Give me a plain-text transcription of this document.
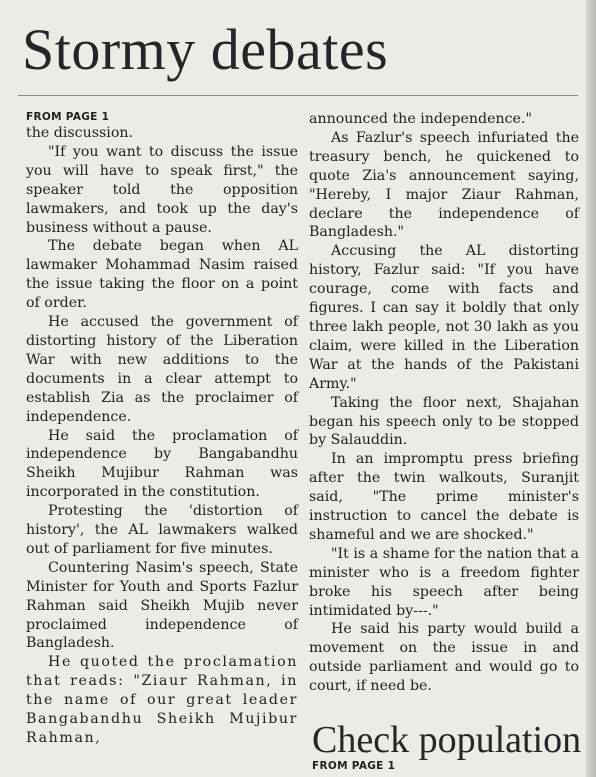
Stormy debates
FROM PAGE 1

the discussion.

"If you want to discuss the issue you will have to speak first," the speaker told the opposition lawmakers, and took up the day's business without a pause.

The debate began when AL lawmaker Mohammad Nasim raised the issue taking the floor on a point of order.

He accused the government of distorting history of the Liberation War with new additions to the documents in a clear attempt to establish Zia as the proclaimer of independence.

He said the proclamation of independence by Bangabandhu Sheikh Mujibur Rahman was incorporated in the constitution.

Protesting the 'distortion of history', the AL lawmakers walked out of parliament for five minutes.

Countering Nasim's speech, State Minister for Youth and Sports Fazlur Rahman said Sheikh Mujib never proclaimed independence of Bangladesh.

He quoted the proclamation that reads: "Ziaur Rahman, in the name of our great leader Bangabandhu Sheikh Mujibur Rahman,

announced the independence."

As Fazlur's speech infuriated the treasury bench, he quickened to quote Zia's announcement saying, "Hereby, I major Ziaur Rahman, declare the independence of Bangladesh."

Accusing the AL distorting history, Fazlur said: "If you have courage, come with facts and figures. I can say it boldly that only three lakh people, not 30 lakh as you claim, were killed in the Liberation War at the hands of the Pakistani Army."

Taking the floor next, Shajahan began his speech only to be stopped by Salauddin.

In an impromptu press briefing after the twin walkouts, Suranjit said, "The prime minister's instruction to cancel the debate is shameful and we are shocked."

"It is a shame for the nation that a minister who is a freedom fighter broke his speech after being intimidated by---."

He said his party would build a movement on the issue in and outside parliament and would go to court, if need be.

Check population
FROM PAGE 1
